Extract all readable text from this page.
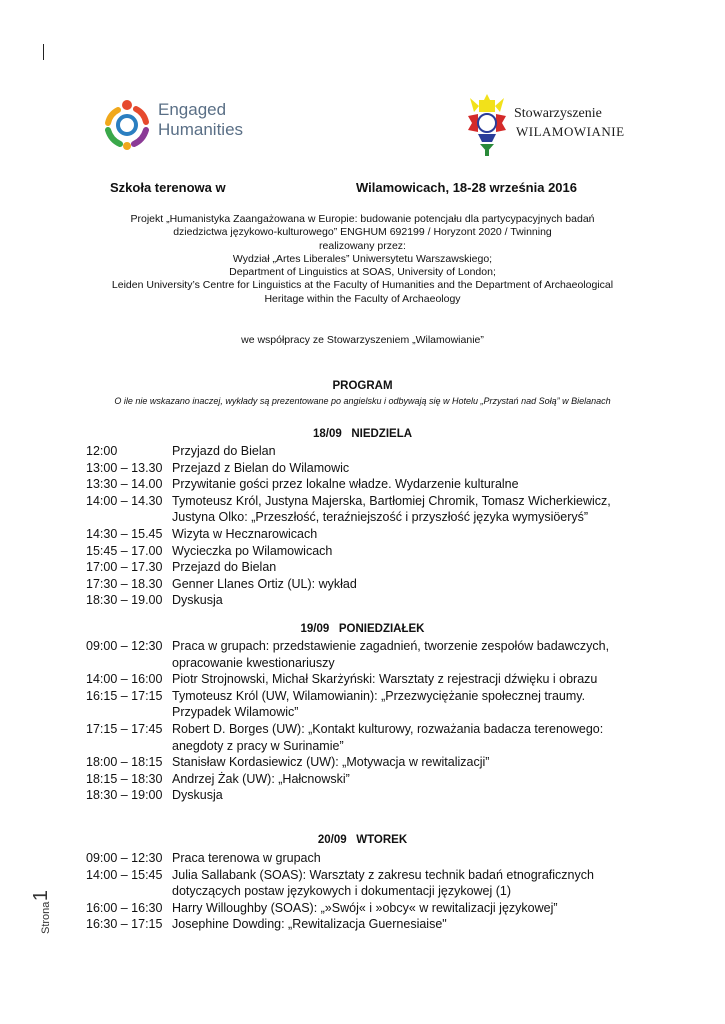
Engaged
Humanities
Stowarzyszenie
WILAMOWIANIE
Szkoła terenowa w	Wilamowicach, 18-28 września 2016
Projekt „Humanistyka Zaangażowana w Europie: budowanie potencjału dla partycypacyjnych badań
dziedzictwa językowo-kulturowego” ENGHUM 692199 / Horyzont 2020 / Twinning
realizowany przez:
Wydział „Artes Liberales” Uniwersytetu Warszawskiego;
Department of Linguistics at SOAS, University of London;
Leiden University’s Centre for Linguistics at the Faculty of Humanities and the Department of Archaeological
Heritage within the Faculty of Archaeology
we współpracy ze Stowarzyszeniem „Wilamowianie”
PROGRAM
O ile nie wskazano inaczej, wykłady są prezentowane po angielsku i odbywają się w Hotelu „Przystań nad Sołą” w Bielanach
18/09 NIEDZIELA
12:00	Przyjazd do Bielan
13:00 – 13.30 Przejazd z Bielan do Wilamowic
13:30 – 14.00 Przywitanie gości przez lokalne władze. Wydarzenie kulturalne
14:00 – 14.30 Tymoteusz Król, Justyna Majerska, Bartłomiej Chromik, Tomasz Wicherkiewicz, Justyna Olko: „Przeszłość, teraźniejszość i przyszłość języka wymysiöeryś”
14:30 – 15.45 Wizyta w Hecznarowicach
15:45 – 17.00 Wycieczka po Wilamowicach
17:00 – 17.30 Przejazd do Bielan
17:30 – 18.30 Genner Llanes Ortiz (UL): wykład
18:30 – 19.00 Dyskusja
19/09 PONIEDZIAŁEK
09:00 – 12:30 Praca w grupach: przedstawienie zagadnień, tworzenie zespołów badawczych, opracowanie kwestionariuszy
14:00 – 16:00 Piotr Strojnowski, Michał Skarżyński: Warsztaty z rejestracji dźwięku i obrazu
16:15 – 17:15 Tymoteusz Król (UW, Wilamowianin): „Przezwyciężanie społecznej traumy. Przypadek Wilamowic”
17:15 – 17:45 Robert D. Borges (UW): „Kontakt kulturowy, rozważania badacza terenowego: anegdoty z pracy w Surinamie”
18:00 – 18:15 Stanisław Kordasiewicz (UW): „Motywacja w rewitalizacji”
18:15 – 18:30 Andrzej Żak (UW): „Hałcnowski”
18:30 – 19:00 Dyskusja
20/09 WTOREK
09:00 – 12:30 Praca terenowa w grupach
14:00 – 15:45 Julia Sallabank (SOAS): Warsztaty z zakresu technik badań etnograficznych dotyczących postaw językowych i dokumentacji językowej (1)
16:00 – 16:30 Harry Willoughby (SOAS): „»Swój« i »obcy« w rewitalizacji językowej”
16:30 – 17:15 Josephine Dowding: „Rewitalizacja Guernesiaise"
Strona
1
